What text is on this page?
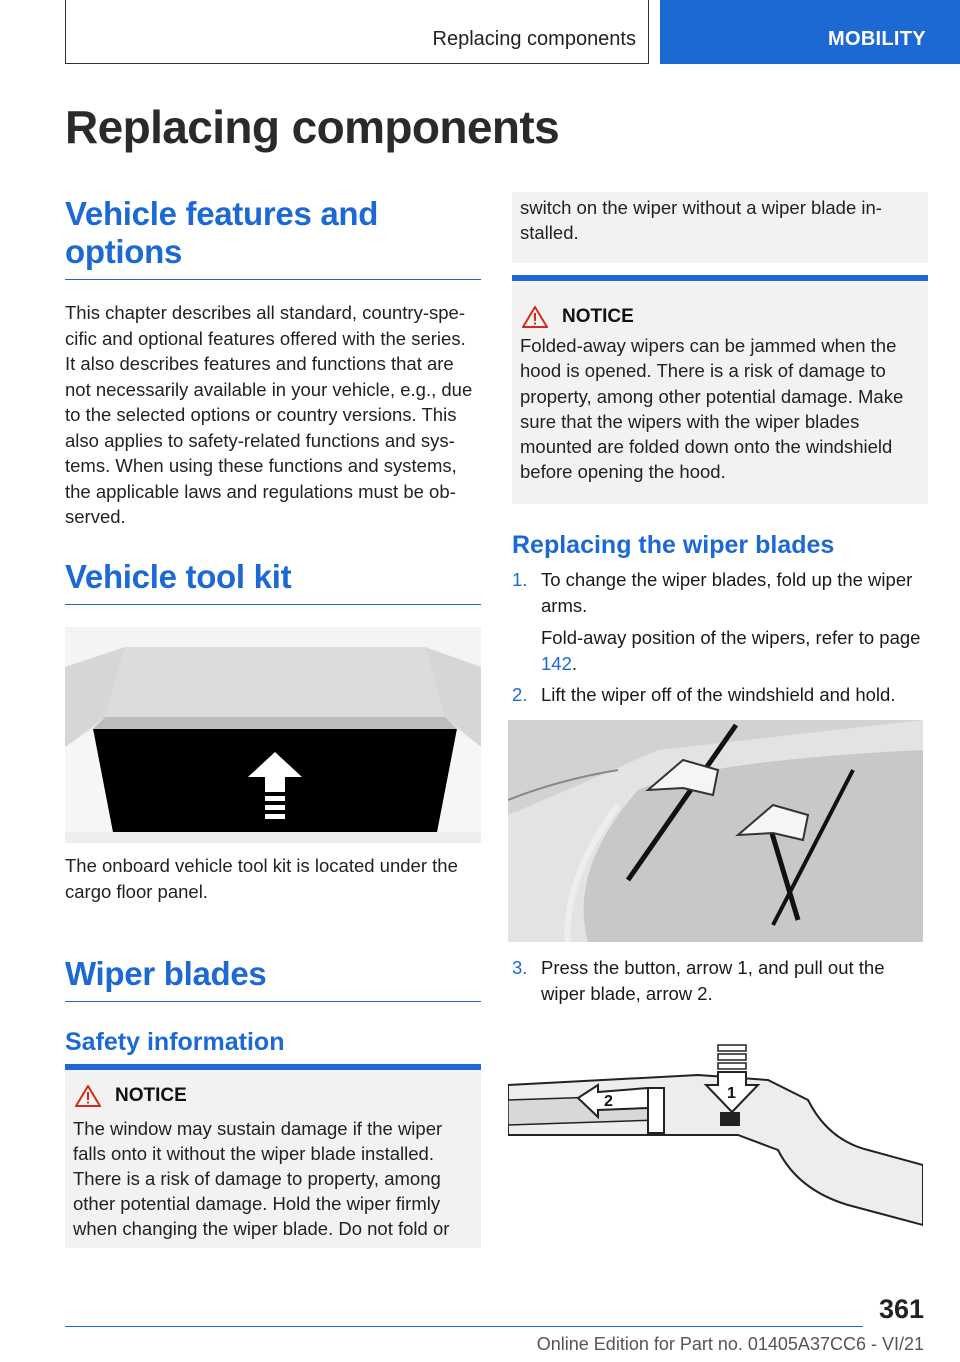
Replacing components	MOBILITY
Replacing components
Vehicle features and options
This chapter describes all standard, country-spe-cific and optional features offered with the series. It also describes features and functions that are not necessarily available in your vehicle, e.g., due to the selected options or country versions. This also applies to safety-related functions and sys-tems. When using these functions and systems, the applicable laws and regulations must be ob-served.
Vehicle tool kit
The onboard vehicle tool kit is located under the cargo floor panel.
Wiper blades
Safety information
NOTICE
The window may sustain damage if the wiper falls onto it without the wiper blade installed. There is a risk of damage to property, among other potential damage. Hold the wiper firmly when changing the wiper blade. Do not fold or
switch on the wiper without a wiper blade in-stalled.
NOTICE
Folded-away wipers can be jammed when the hood is opened. There is a risk of damage to property, among other potential damage. Make sure that the wipers with the wiper blades mounted are folded down onto the windshield before opening the hood.
Replacing the wiper blades
1. To change the wiper blades, fold up the wiper arms.
Fold-away position of the wipers, refer to page 142.
2. Lift the wiper off of the windshield and hold.
3. Press the button, arrow 1, and pull out the wiper blade, arrow 2.
2	1
361
Online Edition for Part no. 01405A37CC6 - VI/21
